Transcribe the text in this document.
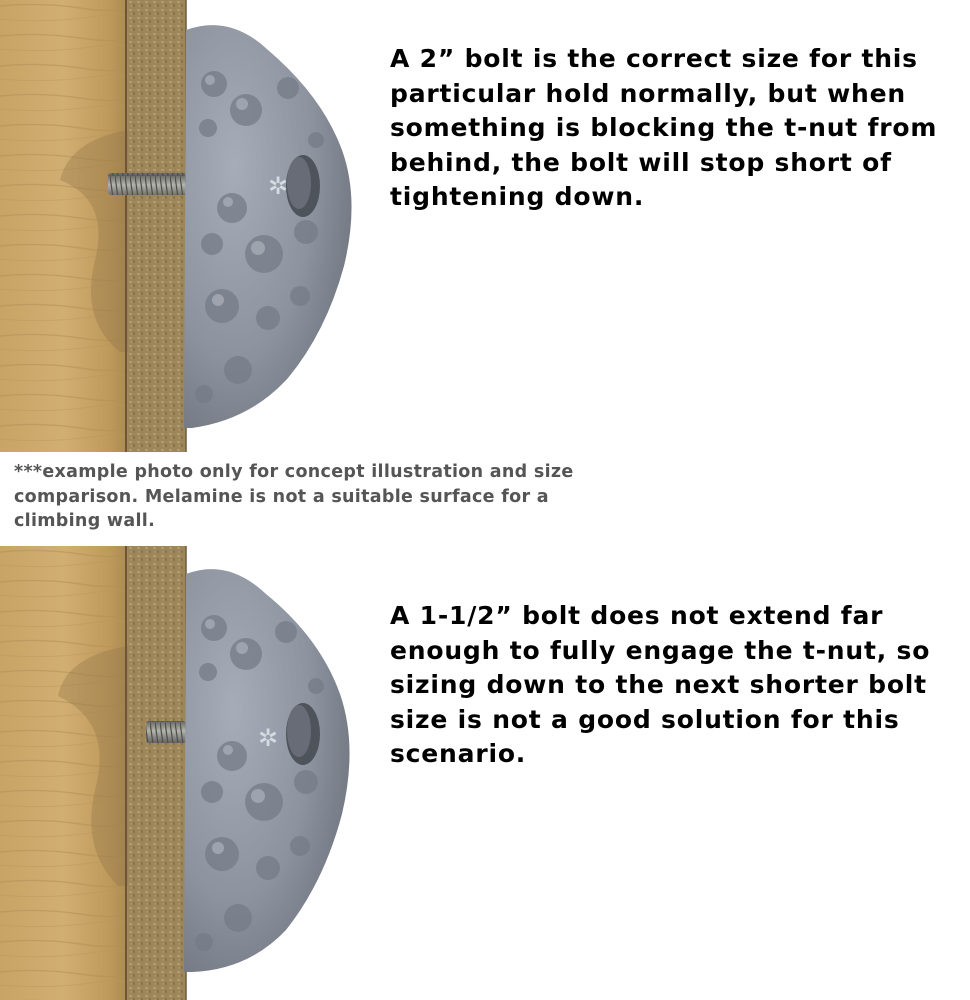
✲

A 2” bolt is the correct size for this particular hold normally, but when something is blocking the t-nut from behind, the bolt will stop short of tightening down.

***example photo only for concept illustration and size comparison. Melamine is not a suitable surface for a climbing wall.

✲

A 1-1/2” bolt does not extend far enough to fully engage the t-nut, so sizing down to the next shorter bolt size is not a good solution for this scenario.
